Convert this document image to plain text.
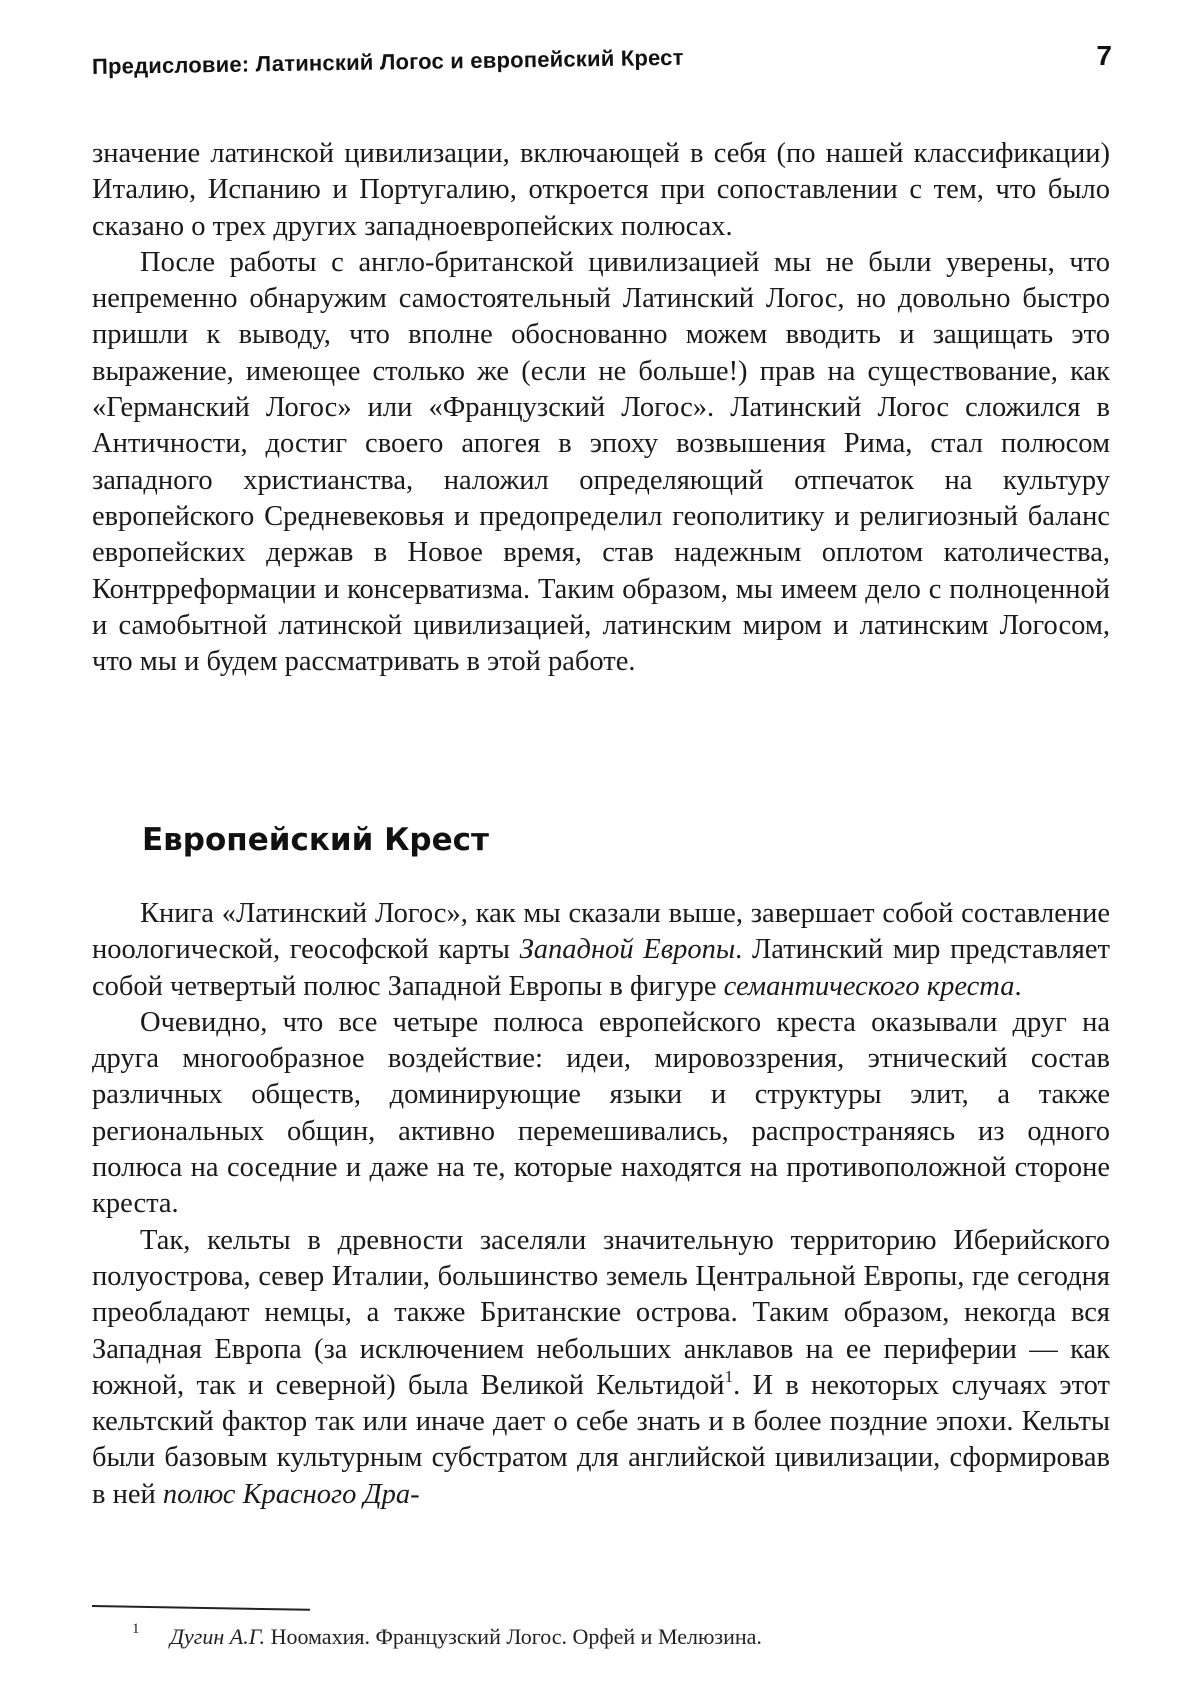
Предисловие: Латинский Логос и европейский Крест	7

значение латинской цивилизации, включающей в себя (по нашей классификации) Италию, Испанию и Португалию, откроется при сопоставлении с тем, что было сказано о трех других западноевро­пейских полюсах.

После работы с англо-британской цивилизацией мы не были уверены, что непременно обнаружим самостоятельный Латинский Логос, но довольно быстро пришли к выводу, что вполне обоснован­но можем вводить и защищать это выражение, имеющее столько же (если не больше!) прав на существование, как «Германский Логос» или «Французский Логос». Латинский Логос сложился в Античнос­ти, достиг своего апогея в эпоху возвышения Рима, стал полюсом западного христианства, наложил определяющий отпечаток на культуру европейского Средневековья и предопределил геополити­ку и религиозный баланс европейских держав в Новое время, став надежным оплотом католичества, Контрреформации и консерва­тизма. Таким образом, мы имеем дело с полноценной и самобытной латинской цивилизацией, латинским миром и латинским Логосом, что мы и будем рассматривать в этой работе.

Европейский Крест

Книга «Латинский Логос», как мы сказали выше, завершает со­бой составление ноологической, геософской карты Западной Евро­пы. Латинский мир представляет собой четвертый полюс Западной Европы в фигуре семантического креста.

Очевидно, что все четыре полюса европейского креста оказыва­ли друг на друга многообразное воздействие: идеи, мировоззрения, этнический состав различных обществ, доминирующие языки и структуры элит, а также региональных общин, активно перемеши­вались, распространяясь из одного полюса на соседние и даже на те, которые находятся на противоположной стороне креста.

Так, кельты в древности заселяли значительную территорию Иберийского полуострова, север Италии, большинство земель Центральной Европы, где сегодня преобладают немцы, а также Бри­танские острова. Таким образом, некогда вся Западная Европа (за исключением небольших анклавов на ее периферии — как южной, так и северной) была Великой Кельтидой1. И в некоторых случаях этот кельтский фактор так или иначе дает о себе знать и в более поздние эпохи. Кельты были базовым культурным субстратом для английской цивилизации, сформировав в ней полюс Красного Дра-

1 Дугин А.Г. Ноомахия. Французский Логос. Орфей и Мелюзина.
